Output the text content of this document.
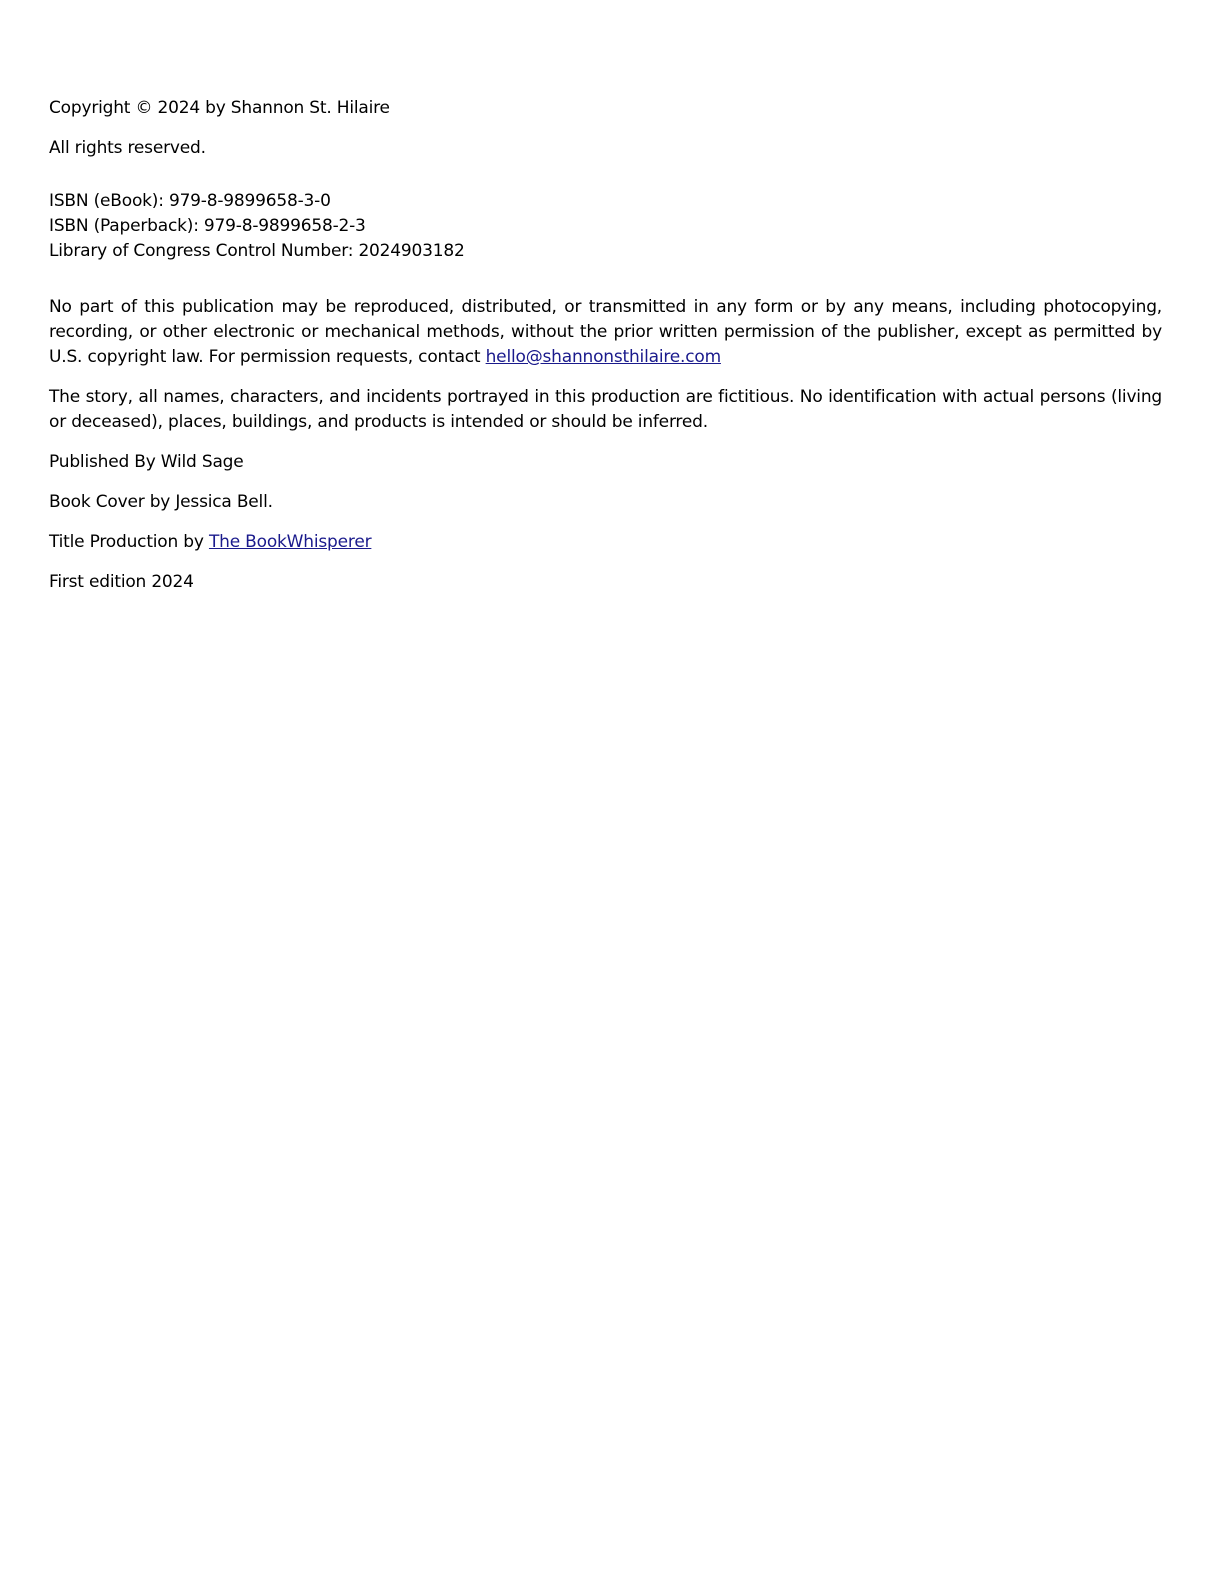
Copyright © 2024 by Shannon St. Hilaire

All rights reserved.

ISBN (eBook): 979-8-9899658-3-0
ISBN (Paperback): 979-8-9899658-2-3
Library of Congress Control Number: 2024903182

No part of this publication may be reproduced, distributed, or transmitted in any form or by any means, including photocopying, recording, or other electronic or mechanical methods, without the prior written permission of the publisher, except as permitted by U.S. copyright law. For permission requests, contact hello@shannonsthilaire.com

The story, all names, characters, and incidents portrayed in this production are fictitious. No identification with actual persons (living or deceased), places, buildings, and products is intended or should be inferred.

Published By Wild Sage

Book Cover by Jessica Bell.

Title Production by The BookWhisperer

First edition 2024
